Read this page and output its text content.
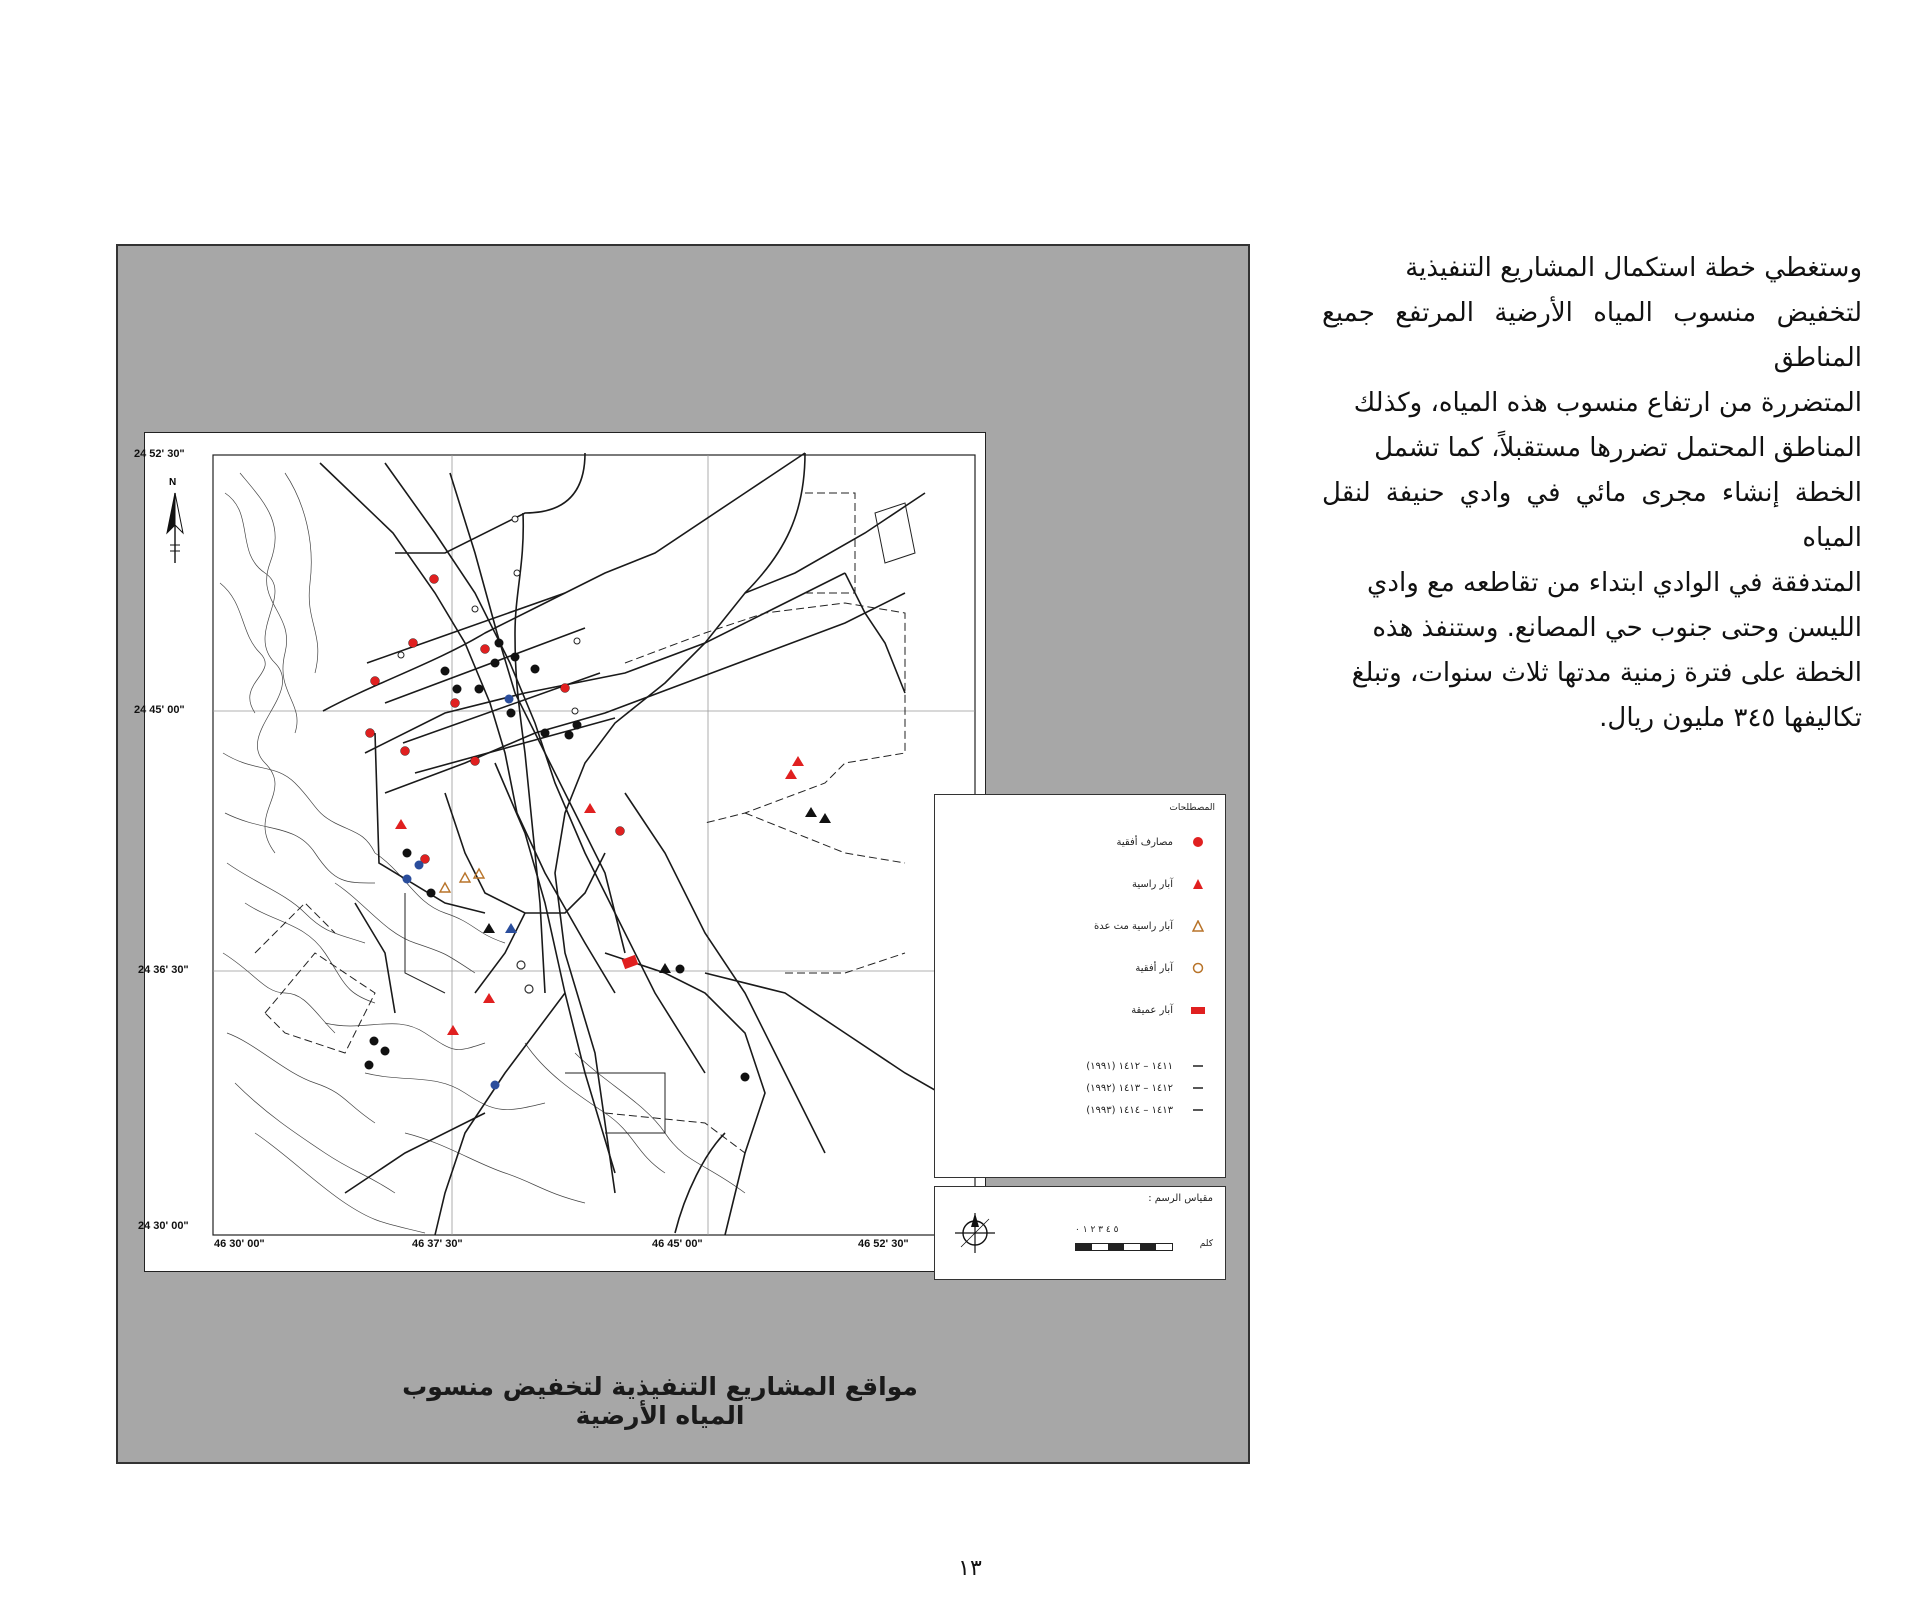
وستغطي خطة استكمال المشاريع التنفيذية
لتخفيض منسوب المياه الأرضية المرتفع جميع المناطق
المتضررة من ارتفاع منسوب هذه المياه، وكذلك
المناطق المحتمل تضررها مستقبلاً، كما تشمل
الخطة إنشاء مجرى مائي في وادي حنيفة لنقل المياه
المتدفقة في الوادي ابتداء من تقاطعه مع وادي
الليسن وحتى جنوب حي المصانع. وستنفذ هذه
الخطة على فترة زمنية مدتها ثلاث سنوات، وتبلغ
تكاليفها ٣٤٥ مليون ريال.
N
24 52' 30"
24 45' 00"
24 36' 30"
24 30' 00"
46 30' 00"	46 37' 30"	46 45' 00"	46 52' 30"
المصطلحات
مصارف أفقية
آبار راسية
آبار راسية مت عدة
آبار أفقية
آبار عميقة
١٤١١ – ١٤١٢ (١٩٩١)
١٤١٢ – ١٤١٣ (١٩٩٢)
١٤١٣ – ١٤١٤ (١٩٩٣)
مقياس الرسم :
٥ ٤ ٣ ٢ ١ ٠
كلم
مواقع المشاريع التنفيذية لتخفيض منسوب المياه الأرضية
١٣
